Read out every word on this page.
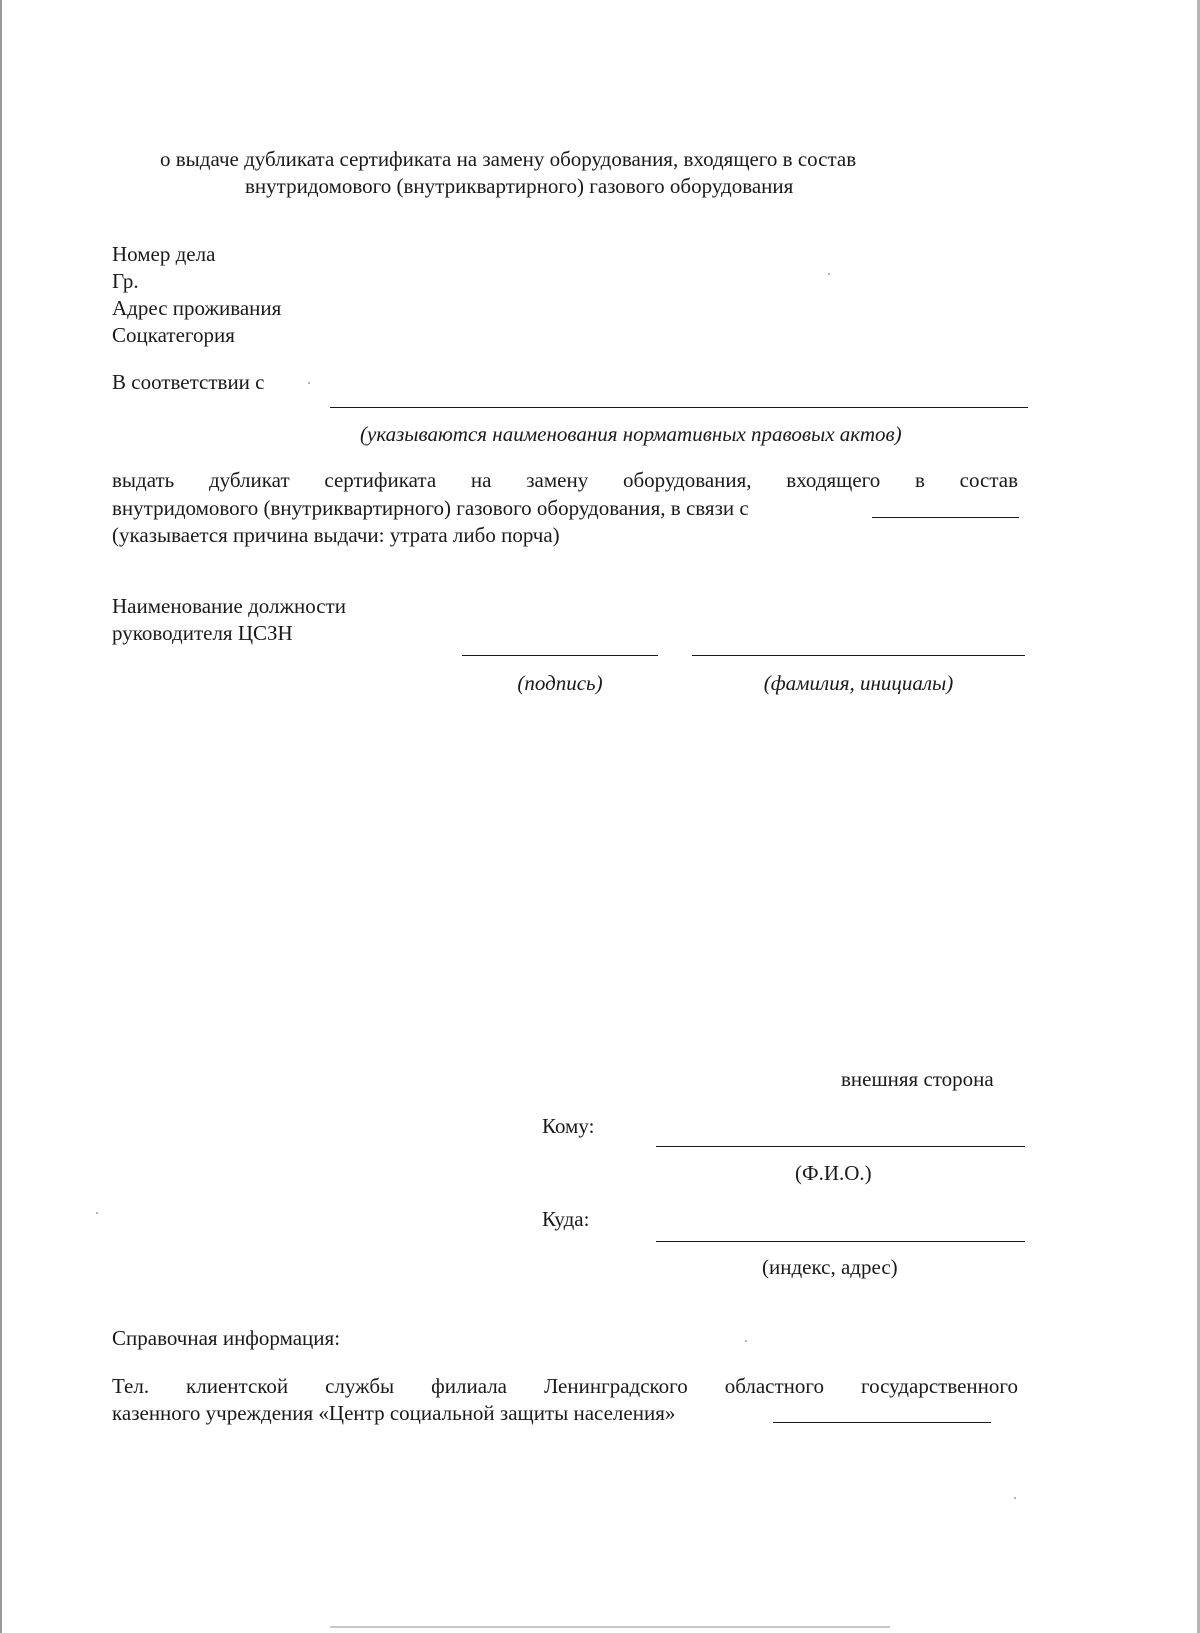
о выдаче дубликата сертификата на замену оборудования, входящего в состав
внутридомового (внутриквартирного) газового оборудования
Номер дела
Гр.
Адрес проживания
Соцкатегория
В соответствии с
(указываются наименования нормативных правовых актов)
выдать дубликат сертификата на замену оборудования, входящего в состав
внутридомового (внутриквартирного) газового оборудования, в связи с
(указывается причина выдачи: утрата либо порча)
Наименование должности
руководителя ЦСЗН
(подпись)	(фамилия, инициалы)
внешняя сторона
Кому:
(Ф.И.О.)
Куда:
(индекс, адрес)
Справочная информация:
Тел. клиентской службы филиала Ленинградского областного государственного
казенного учреждения «Центр социальной защиты населения»
